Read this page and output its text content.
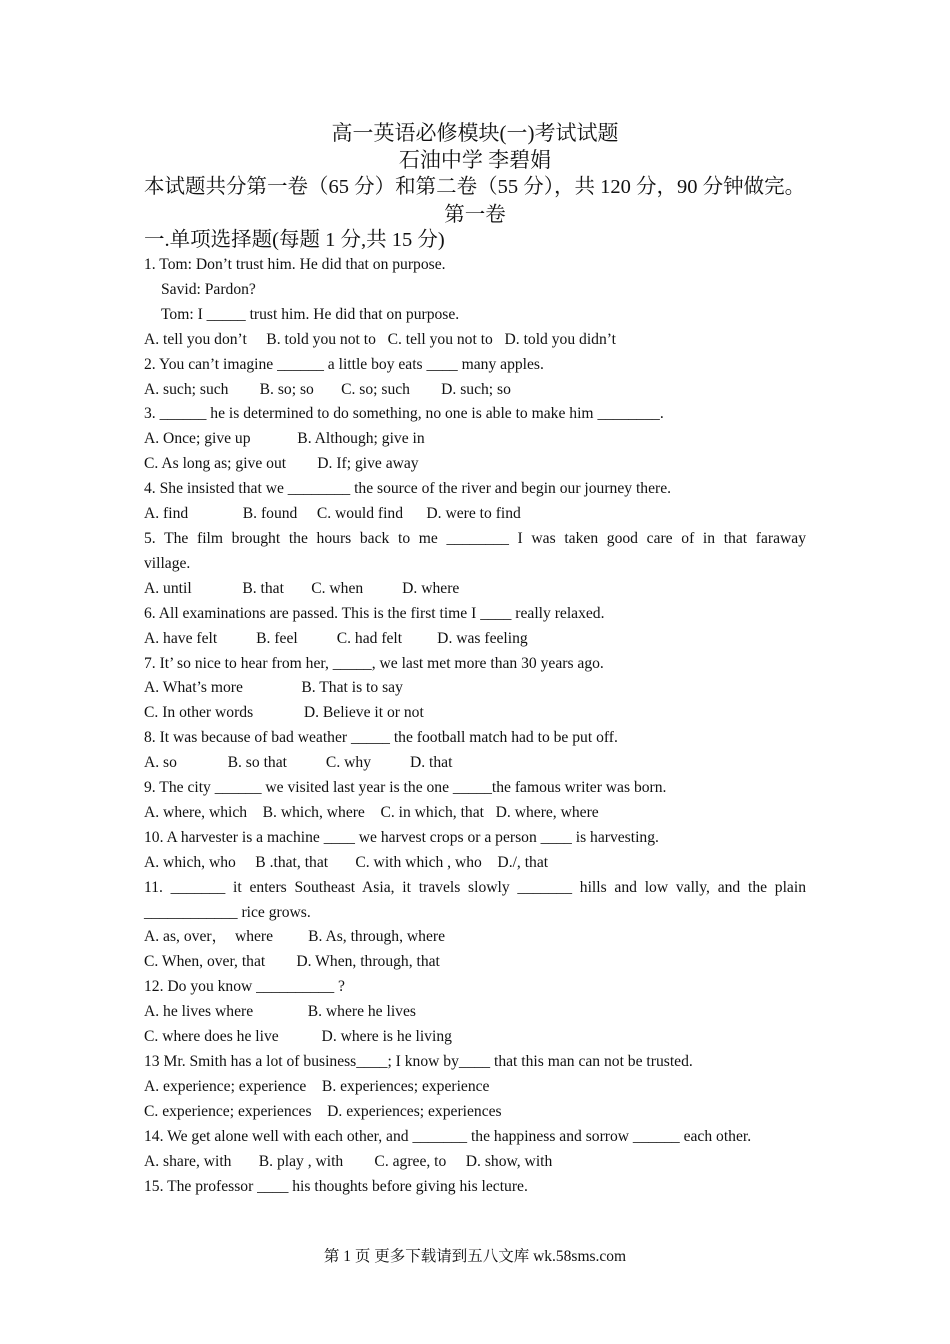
高一英语必修模块(一)考试试题
石油中学 李碧娟
本试题共分第一卷（65 分）和第二卷（55 分），共 120 分，90 分钟做完。
第一卷
一.单项选择题(每题 1 分,共 15 分)
1. Tom: Don’t trust him. He did that on purpose.
Savid: Pardon?
Tom: I _____ trust him. He did that on purpose.
A. tell you don’t     B. told you not to   C. tell you not to   D. told you didn’t
2. You can’t imagine ______ a little boy eats ____ many apples.
A. such; such        B. so; so       C. so; such        D. such; so
3. ______ he is determined to do something, no one is able to make him ________.
A. Once; give up            B. Although; give in
C. As long as; give out        D. If; give away
4. She insisted that we ________ the source of the river and begin our journey there.
A. find              B. found     C. would find      D. were to find
5. The film brought the hours back to me ________ I was taken good care of in that faraway
village.
A. until             B. that       C. when          D. where
6. All examinations are passed. This is the first time I ____ really relaxed.
A. have felt          B. feel          C. had felt         D. was feeling
7. It’ so nice to hear from her, _____, we last met more than 30 years ago.
A. What’s more               B. That is to say
C. In other words             D. Believe it or not
8. It was because of bad weather _____ the football match had to be put off.
A. so             B. so that          C. why          D. that
9. The city ______ we visited last year is the one _____the famous writer was born.
A. where, which    B. which, where    C. in which, that   D. where, where
10. A harvester is a machine ____ we harvest crops or a person ____ is harvesting.
A. which, who     B .that, that       C. with which , who    D./, that
11. _______ it enters Southeast Asia, it travels slowly _______ hills and low vally, and the plain
____________ rice grows.
A. as, over，  where         B. As, through, where
C. When, over, that        D. When, through, that
12. Do you know __________ ?
A. he lives where              B. where he lives
C. where does he live           D. where is he living
13 Mr. Smith has a lot of business____; I know by____ that this man can not be trusted.
A. experience; experience    B. experiences; experience
C. experience; experiences    D. experiences; experiences
14. We get alone well with each other, and _______ the happiness and sorrow ______ each other.
A. share, with       B. play , with        C. agree, to     D. show, with
15. The professor ____ his thoughts before giving his lecture.
第 1 页 更多下载请到五八文库 wk.58sms.com
